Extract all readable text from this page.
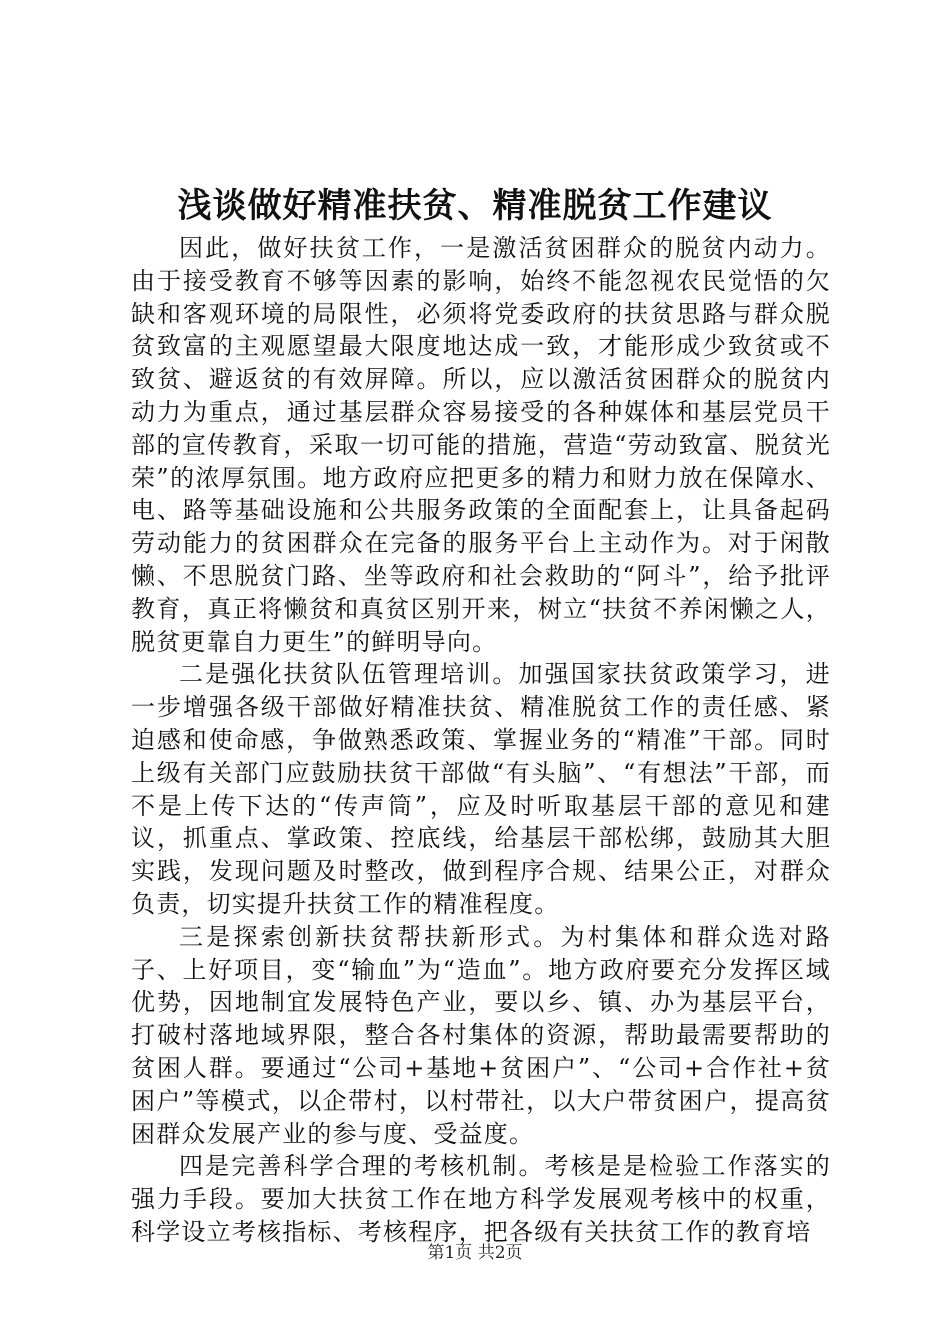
浅谈做好精准扶贫、精准脱贫工作建议

因此，做好扶贫工作，一是激活贫困群众的脱贫内动力。由于接受教育不够等因素的影响，始终不能忽视农民觉悟的欠缺和客观环境的局限性，必须将党委政府的扶贫思路与群众脱贫致富的主观愿望最大限度地达成一致，才能形成少致贫或不致贫、避返贫的有效屏障。所以，应以激活贫困群众的脱贫内动力为重点，通过基层群众容易接受的各种媒体和基层党员干部的宣传教育，采取一切可能的措施，营造“劳动致富、脱贫光荣”的浓厚氛围。地方政府应把更多的精力和财力放在保障水、电、路等基础设施和公共服务政策的全面配套上，让具备起码劳动能力的贫困群众在完备的服务平台上主动作为。对于闲散懒、不思脱贫门路、坐等政府和社会救助的“阿斗”，给予批评教育，真正将懒贫和真贫区别开来，树立“扶贫不养闲懒之人，脱贫更靠自力更生”的鲜明导向。

二是强化扶贫队伍管理培训。加强国家扶贫政策学习，进一步增强各级干部做好精准扶贫、精准脱贫工作的责任感、紧迫感和使命感，争做熟悉政策、掌握业务的“精准”干部。同时上级有关部门应鼓励扶贫干部做“有头脑”、“有想法”干部，而不是上传下达的“传声筒”，应及时听取基层干部的意见和建议，抓重点、掌政策、控底线，给基层干部松绑，鼓励其大胆实践，发现问题及时整改，做到程序合规、结果公正，对群众负责，切实提升扶贫工作的精准程度。

三是探索创新扶贫帮扶新形式。为村集体和群众选对路子、上好项目，变“输血”为“造血”。地方政府要充分发挥区域优势，因地制宜发展特色产业，要以乡、镇、办为基层平台，打破村落地域界限，整合各村集体的资源，帮助最需要帮助的贫困人群。要通过“公司+基地+贫困户”、“公司+合作社+贫困户”等模式，以企带村，以村带社，以大户带贫困户，提高贫困群众发展产业的参与度、受益度。

四是完善科学合理的考核机制。考核是是检验工作落实的强力手段。要加大扶贫工作在地方科学发展观考核中的权重，科学设立考核指标、考核程序，把各级有关扶贫工作的教育培

第1页 共2页
